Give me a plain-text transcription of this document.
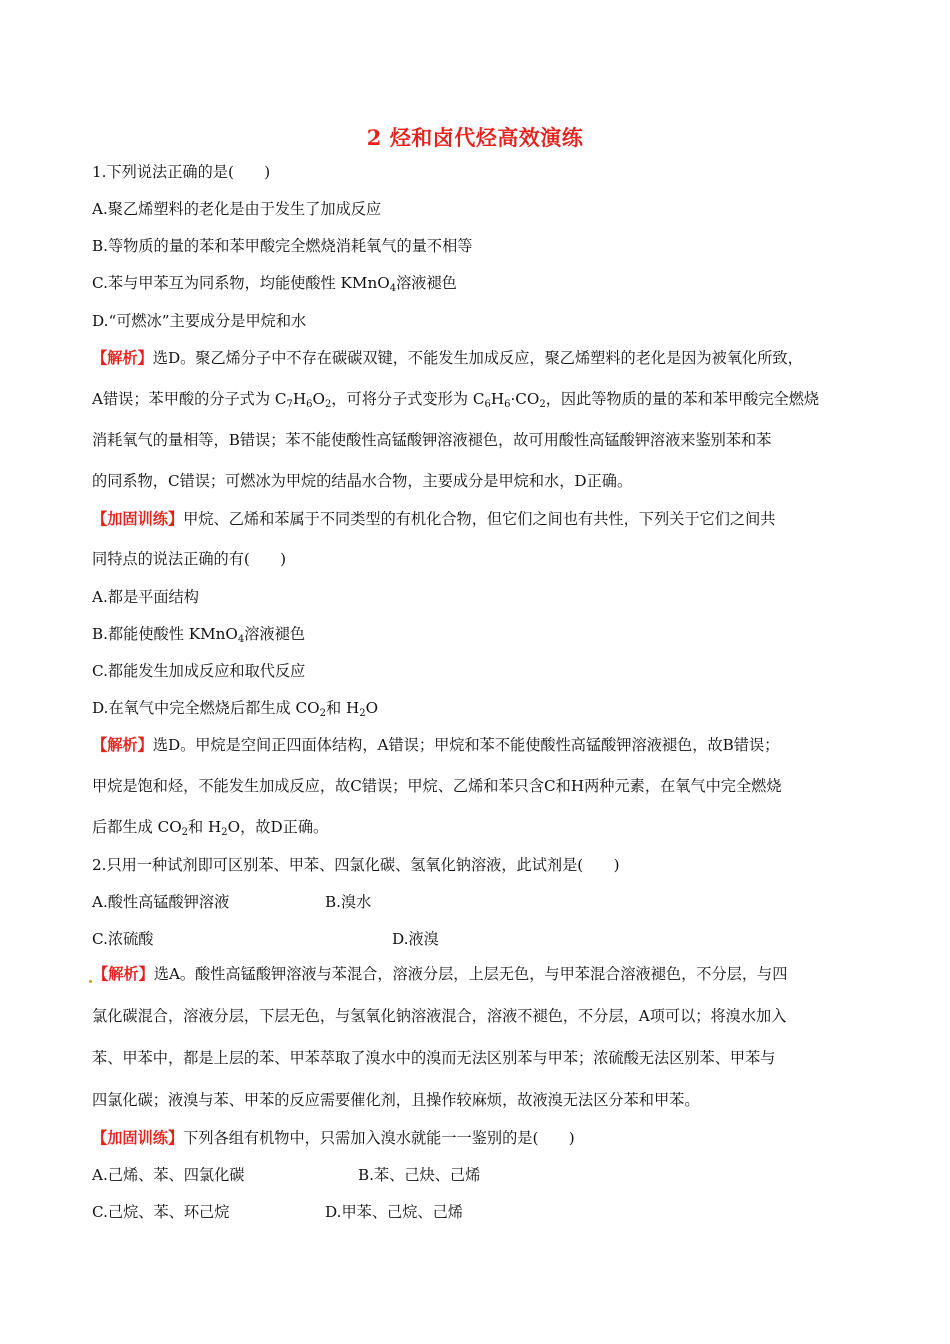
2 烃和卤代烃高效演练
1.下列说法正确的是(　　)
A.聚乙烯塑料的老化是由于发生了加成反应
B.等物质的量的苯和苯甲酸完全燃烧消耗氧气的量不相等
C.苯与甲苯互为同系物，均能使酸性 KMnO$_4$溶液褪色
D.“可燃冰”主要成分是甲烷和水
【解析】选D。聚乙烯分子中不存在碳碳双键，不能发生加成反应，聚乙烯塑料的老化是因为被氧化所致，
A错误；苯甲酸的分子式为 $C_7H_6O_2$，可将分子式变形为 $C_6H_6\cdot CO_2$，因此等物质的量的苯和苯甲酸完全燃烧
消耗氧气的量相等，B错误；苯不能使酸性高锰酸钾溶液褪色，故可用酸性高锰酸钾溶液来鉴别苯和苯
的同系物，C错误；可燃冰为甲烷的结晶水合物，主要成分是甲烷和水，D正确。
【加固训练】甲烷、乙烯和苯属于不同类型的有机化合物，但它们之间也有共性，下列关于它们之间共
同特点的说法正确的有(　　)
A.都是平面结构
B.都能使酸性 KMnO$_4$溶液褪色
C.都能发生加成反应和取代反应
D.在氧气中完全燃烧后都生成 $CO_2$和 $H_2O$
【解析】选D。甲烷是空间正四面体结构，A错误；甲烷和苯不能使酸性高锰酸钾溶液褪色，故B错误；
甲烷是饱和烃，不能发生加成反应，故C错误；甲烷、乙烯和苯只含C和H两种元素，在氧气中完全燃烧
后都生成 $CO_2$和 $H_2O$，故D正确。
2.只用一种试剂即可区别苯、甲苯、四氯化碳、氢氧化钠溶液，此试剂是(　　)
A.酸性高锰酸钾溶液	B.溴水
C.浓硫酸	D.液溴
【解析】选A。酸性高锰酸钾溶液与苯混合，溶液分层，上层无色，与甲苯混合溶液褪色，不分层，与四
氯化碳混合，溶液分层，下层无色，与氢氧化钠溶液混合，溶液不褪色，不分层，A项可以；将溴水加入
苯、甲苯中，都是上层的苯、甲苯萃取了溴水中的溴而无法区别苯与甲苯；浓硫酸无法区别苯、甲苯与
四氯化碳；液溴与苯、甲苯的反应需要催化剂，且操作较麻烦，故液溴无法区分苯和甲苯。
【加固训练】下列各组有机物中，只需加入溴水就能一一鉴别的是(　　)
A.己烯、苯、四氯化碳	B.苯、己炔、己烯
C.己烷、苯、环己烷	D.甲苯、己烷、己烯
